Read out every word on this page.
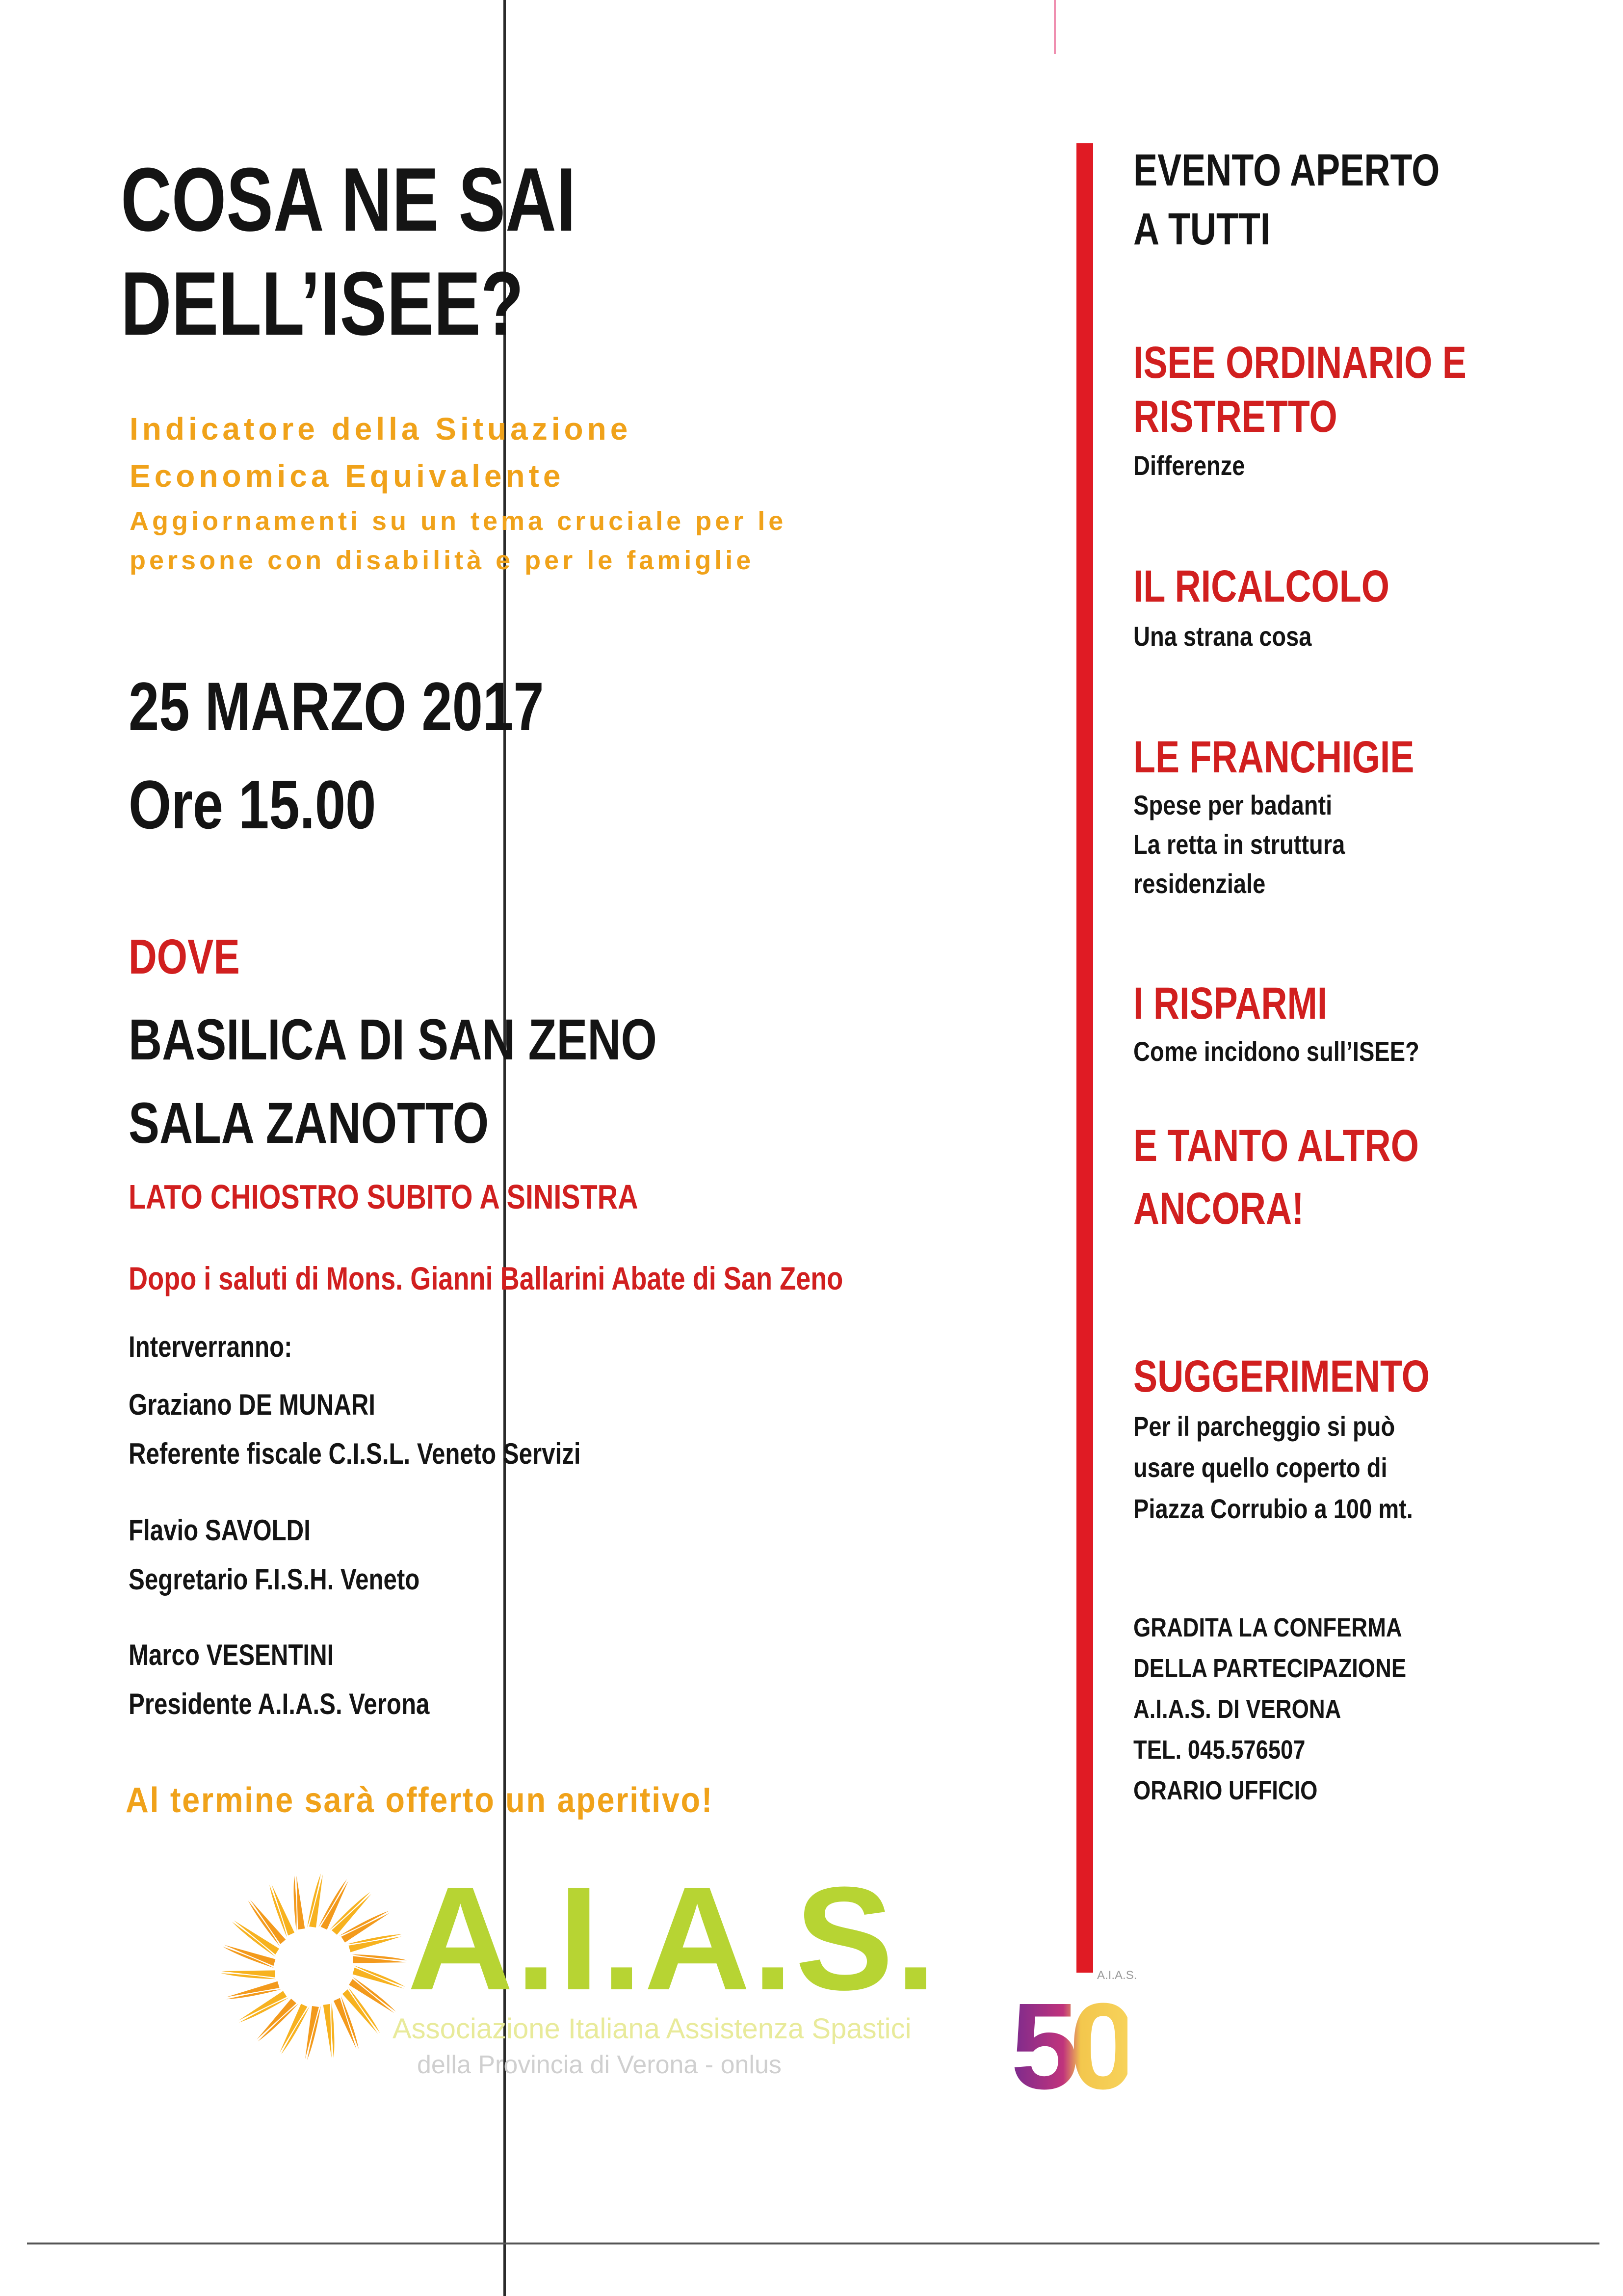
COSA NE SAI
DELL’ISEE?
Indicatore della Situazione
Economica Equivalente
Aggiornamenti su un tema cruciale per le
persone con disabilità e per le famiglie
25 MARZO 2017
Ore 15.00
DOVE
BASILICA DI SAN ZENO
SALA ZANOTTO
LATO CHIOSTRO SUBITO A SINISTRA
Dopo i saluti di Mons. Gianni Ballarini Abate di San Zeno
Interverranno:
Graziano DE MUNARI
Referente fiscale C.I.S.L. Veneto Servizi
Flavio SAVOLDI
Segretario F.I.S.H. Veneto
Marco VESENTINI
Presidente A.I.A.S. Verona
Al termine sarà offerto un aperitivo!
A.I.A.S.
Associazione Italiana Assistenza Spastici
della Provincia di Verona - onlus 50
A.I.A.S.
EVENTO APERTO
A TUTTI
ISEE ORDINARIO E
RISTRETTO
Differenze
IL RICALCOLO
Una strana cosa
LE FRANCHIGIE
Spese per badanti
La retta in struttura
residenziale
I RISPARMI
Come incidono sull’ISEE?
E TANTO ALTRO
ANCORA!
SUGGERIMENTO
Per il parcheggio si può
usare quello coperto di
Piazza Corrubio a 100 mt.
GRADITA LA CONFERMA
DELLA PARTECIPAZIONE
A.I.A.S. DI VERONA
TEL. 045.576507
ORARIO UFFICIO
